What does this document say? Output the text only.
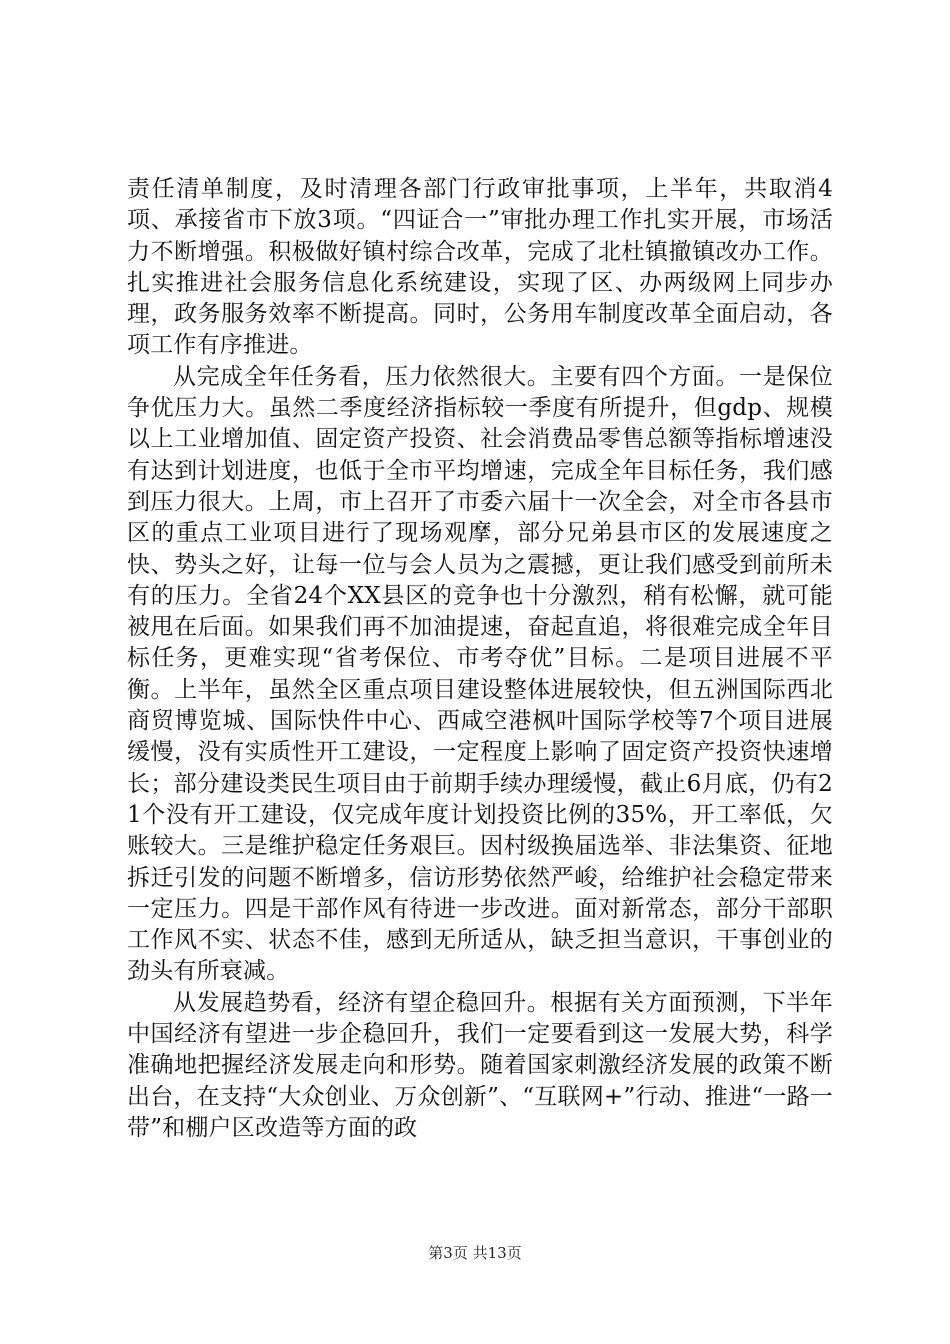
责任清单制度，及时清理各部门行政审批事项，上半年，共取消4项、承接省市下放3项。“四证合一”审批办理工作扎实开展，市场活力不断增强。积极做好镇村综合改革，完成了北杜镇撤镇改办工作。扎实推进社会服务信息化系统建设，实现了区、办两级网上同步办理，政务服务效率不断提高。同时，公务用车制度改革全面启动，各项工作有序推进。

从完成全年任务看，压力依然很大。主要有四个方面。一是保位争优压力大。虽然二季度经济指标较一季度有所提升，但gdp、规模以上工业增加值、固定资产投资、社会消费品零售总额等指标增速没有达到计划进度，也低于全市平均增速，完成全年目标任务，我们感到压力很大。上周，市上召开了市委六届十一次全会，对全市各县市区的重点工业项目进行了现场观摩，部分兄弟县市区的发展速度之快、势头之好，让每一位与会人员为之震撼，更让我们感受到前所未有的压力。全省24个XX县区的竞争也十分激烈，稍有松懈，就可能被甩在后面。如果我们再不加油提速，奋起直追，将很难完成全年目标任务，更难实现“省考保位、市考夺优”目标。二是项目进展不平衡。上半年，虽然全区重点项目建设整体进展较快，但五洲国际西北商贸博览城、国际快件中心、西咸空港枫叶国际学校等7个项目进展缓慢，没有实质性开工建设，一定程度上影响了固定资产投资快速增长；部分建设类民生项目由于前期手续办理缓慢，截止6月底，仍有21个没有开工建设，仅完成年度计划投资比例的35%，开工率低，欠账较大。三是维护稳定任务艰巨。因村级换届选举、非法集资、征地拆迁引发的问题不断增多，信访形势依然严峻，给维护社会稳定带来一定压力。四是干部作风有待进一步改进。面对新常态，部分干部职工作风不实、状态不佳，感到无所适从，缺乏担当意识，干事创业的劲头有所衰减。

从发展趋势看，经济有望企稳回升。根据有关方面预测，下半年中国经济有望进一步企稳回升，我们一定要看到这一发展大势，科学准确地把握经济发展走向和形势。随着国家刺激经济发展的政策不断出台，在支持“大众创业、万众创新”、“互联网+”行动、推进“一路一带”和棚户区改造等方面的政

第3页 共13页
